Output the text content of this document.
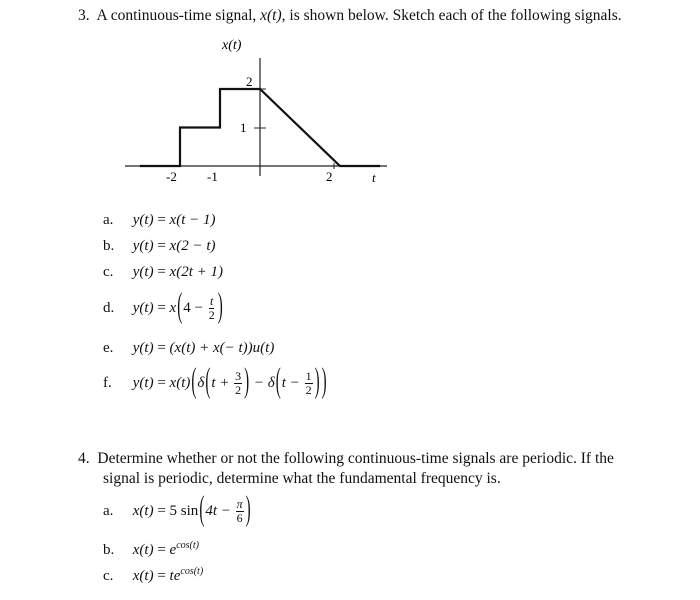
3. A continuous-time signal, x(t), is shown below. Sketch each of the following signals.
x(t)
t
-2 -1	2
1
2
a. y(t) = x(t − 1)
b. y(t) = x(2 − t)
c. y(t) = x(2t + 1)
d. $y(t) = x(4 - \frac{t}{2}$ )
e. y(t) = (x(t) + x(− t))u(t)
f. $y(t) = x(t)(\delta(t + \frac{3}{2}$ ) − $\delta(t - \frac{1}{2}$ ) )
4. Determine whether or not the following continuous-time signals are periodic. If the
signal is periodic, determine what the fundamental frequency is.
a. x(t) = 5 $\sin(4t - \frac{\pi}{6}$ )
b. $x(t) = e^{cos(t)}$
c. $x(t) = te^{cos(t)}$
